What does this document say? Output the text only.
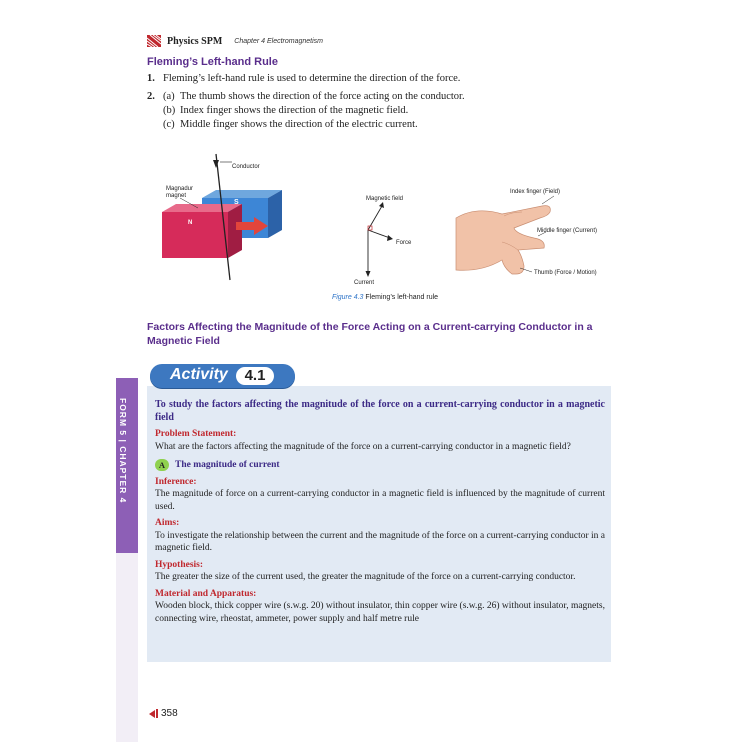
Physics SPM Chapter 4 Electromagnetism
Fleming’s Left-hand Rule
1. Fleming’s left-hand rule is used to determine the direction of the force.
2. (a) The thumb shows the direction of the force acting on the conductor.
(b) Index finger shows the direction of the magnetic field.
(c) Middle finger shows the direction of the electric current.
Magnadur
magnet
Conductor
S
N
Magnetic field
Force
Current
Index finger (Field)
Middle finger (Current)
Thumb (Force / Motion)
Figure 4.3 Fleming’s left-hand rule
Factors Affecting the Magnitude of the Force Acting on a Current-carrying Conductor in a Magnetic Field
FORM 5 | CHAPTER 4
Activity	4.1

To study the factors affecting the magnitude of the force on a current-carrying conductor in a magnetic field

Problem Statement:

What are the factors affecting the magnitude of the force on a current-carrying conductor in a magnetic field?

A	The magnitude of current
Inference:

The magnitude of force on a current-carrying conductor in a magnetic field is influenced by the magnitude of current used.

Aims:

To investigate the relationship between the current and the magnitude of the force on a current-carrying conductor in a magnetic field.

Hypothesis:

The greater the size of the current used, the greater the magnitude of the force on a current-carrying conductor.

Material and Apparatus:

Wooden block, thick copper wire (s.w.g. 20) without insulator, thin copper wire (s.w.g. 26) without insulator, magnets, connecting wire, rheostat, ammeter, power supply and half metre rule

358
